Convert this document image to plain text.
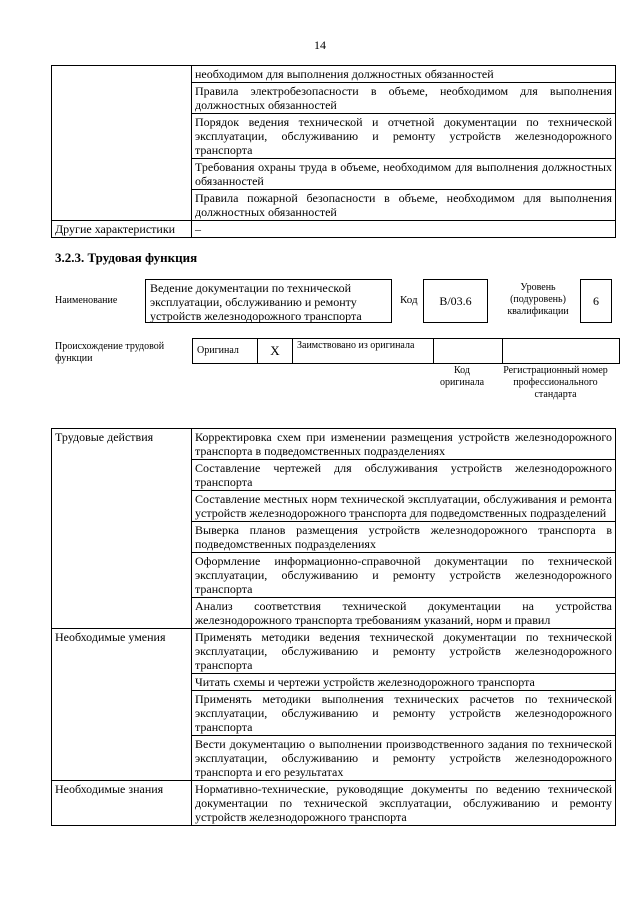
14
	необходимом для выполнения должностных обязанностей
	Правила электробезопасности в объеме, необходимом для выполнения должностных обязанностей
	Порядок ведения технической и отчетной документации по технической эксплуатации, обслуживанию и ремонту устройств железнодорожного транспорта
	Требования охраны труда в объеме, необходимом для выполнения должностных обязанностей
	Правила пожарной безопасности в объеме, необходимом для выполнения должностных обязанностей
Другие характеристики	–
3.2.3. Трудовая функция
Наименование
Ведение документации по технической эксплуатации, обслуживанию и ремонту устройств железнодорожного транспорта
Код	В/03.6
Уровень (подуровень) квалификации
6
Происхождение трудовой функции
Оригинал	X	Заимствовано из оригинала		
Код оригинала
Регистрационный номер профессионального стандарта
Трудовые действия	Корректировка схем при изменении размещения устройств железнодорожного транспорта в подведомственных подразделениях
	Составление чертежей для обслуживания устройств железнодорожного транспорта
	Составление местных норм технической эксплуатации, обслуживания и ремонта устройств железнодорожного транспорта для подведомственных подразделений
	Выверка планов размещения устройств железнодорожного транспорта в подведомственных подразделениях
	Оформление информационно-справочной документации по технической эксплуатации, обслуживанию и ремонту устройств железнодорожного транспорта
	Анализ соответствия технической документации на устройства железнодорожного транспорта требованиям указаний, норм и правил
Необходимые умения	Применять методики ведения технической документации по технической эксплуатации, обслуживанию и ремонту устройств железнодорожного транспорта
	Читать схемы и чертежи устройств железнодорожного транспорта
	Применять методики выполнения технических расчетов по технической эксплуатации, обслуживанию и ремонту устройств железнодорожного транспорта
	Вести документацию о выполнении производственного задания по технической эксплуатации, обслуживанию и ремонту устройств железнодорожного транспорта и его результатах
Необходимые знания	Нормативно-технические, руководящие документы по ведению технической документации по технической эксплуатации, обслуживанию и ремонту устройств железнодорожного транспорта
